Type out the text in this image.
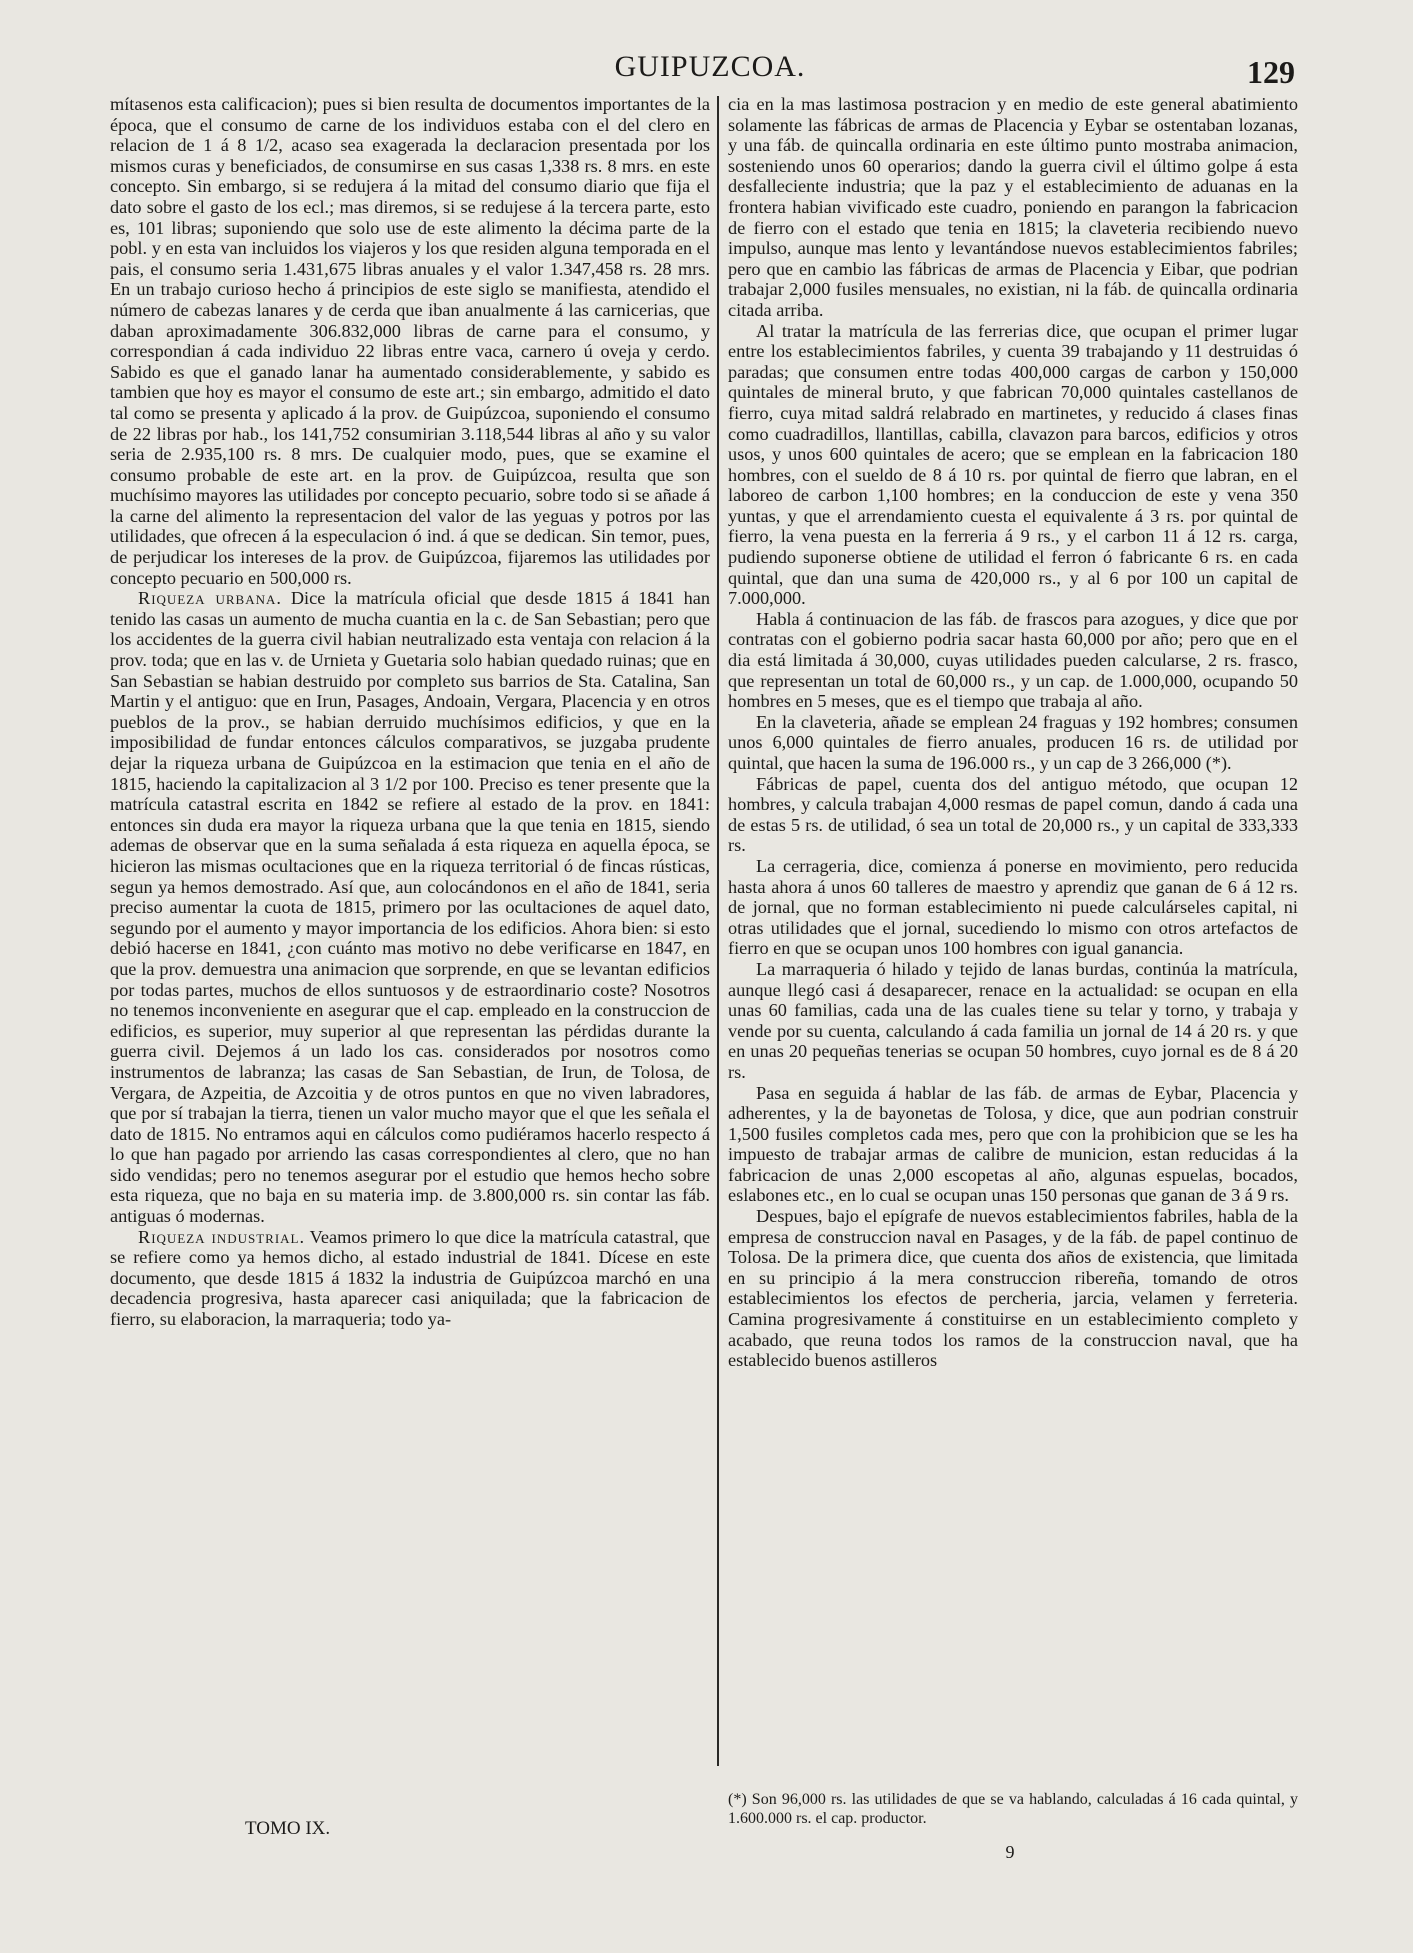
GUIPUZCOA.	129

mítasenos esta calificacion); pues si bien resulta de documentos importantes de la época, que el consumo de carne de los individuos estaba con el del clero en relacion de 1 á 8 1/2, acaso sea exagerada la declaracion presentada por los mismos curas y beneficiados, de consumirse en sus casas 1,338 rs. 8 mrs. en este concepto. Sin embargo, si se redujera á la mitad del consumo diario que fija el dato sobre el gasto de los ecl.; mas diremos, si se redujese á la tercera parte, esto es, 101 libras; suponiendo que solo use de este alimento la décima parte de la pobl. y en esta van incluidos los viajeros y los que residen alguna temporada en el pais, el consumo seria 1.431,675 libras anuales y el valor 1.347,458 rs. 28 mrs. En un trabajo curioso hecho á principios de este siglo se manifiesta, atendido el número de cabezas lanares y de cerda que iban anualmente á las carnicerias, que daban aproximadamente 306.832,000 libras de carne para el consumo, y correspondian á cada individuo 22 libras entre vaca, carnero ú oveja y cerdo. Sabido es que el ganado lanar ha aumentado considerablemente, y sabido es tambien que hoy es mayor el consumo de este art.; sin embargo, admitido el dato tal como se presenta y aplicado á la prov. de Guipúzcoa, suponiendo el consumo de 22 libras por hab., los 141,752 consumirian 3.118,544 libras al año y su valor seria de 2.935,100 rs. 8 mrs. De cualquier modo, pues, que se examine el consumo probable de este art. en la prov. de Guipúzcoa, resulta que son muchísimo mayores las utilidades por concepto pecuario, sobre todo si se añade á la carne del alimento la representacion del valor de las yeguas y potros por las utilidades, que ofrecen á la especulacion ó ind. á que se dedican. Sin temor, pues, de perjudicar los intereses de la prov. de Guipúzcoa, fijaremos las utilidades por concepto pecuario en 500,000 rs.

Riqueza urbana. Dice la matrícula oficial que desde 1815 á 1841 han tenido las casas un aumento de mucha cuantia en la c. de San Sebastian; pero que los accidentes de la guerra civil habian neutralizado esta ventaja con relacion á la prov. toda; que en las v. de Urnieta y Guetaria solo habian quedado ruinas; que en San Sebastian se habian destruido por completo sus barrios de Sta. Catalina, San Martin y el antiguo: que en Irun, Pasages, Andoain, Vergara, Placencia y en otros pueblos de la prov., se habian derruido muchísimos edificios, y que en la imposibilidad de fundar entonces cálculos comparativos, se juzgaba prudente dejar la riqueza urbana de Guipúzcoa en la estimacion que tenia en el año de 1815, haciendo la capitalizacion al 3 1/2 por 100. Preciso es tener presente que la matrícula catastral escrita en 1842 se refiere al estado de la prov. en 1841: entonces sin duda era mayor la riqueza urbana que la que tenia en 1815, siendo ademas de observar que en la suma señalada á esta riqueza en aquella época, se hicieron las mismas ocultaciones que en la riqueza territorial ó de fincas rústicas, segun ya hemos demostrado. Así que, aun colocándonos en el año de 1841, seria preciso aumentar la cuota de 1815, primero por las ocultaciones de aquel dato, segundo por el aumento y mayor importancia de los edificios. Ahora bien: si esto debió hacerse en 1841, ¿con cuánto mas motivo no debe verificarse en 1847, en que la prov. demuestra una animacion que sorprende, en que se levantan edificios por todas partes, muchos de ellos suntuosos y de estraordinario coste? Nosotros no tenemos inconveniente en asegurar que el cap. empleado en la construccion de edificios, es superior, muy superior al que representan las pérdidas durante la guerra civil. Dejemos á un lado los cas. considerados por nosotros como instrumentos de labranza; las casas de San Sebastian, de Irun, de Tolosa, de Vergara, de Azpeitia, de Azcoitia y de otros puntos en que no viven labradores, que por sí trabajan la tierra, tienen un valor mucho mayor que el que les señala el dato de 1815. No entramos aqui en cálculos como pudiéramos hacerlo respecto á lo que han pagado por arriendo las casas correspondientes al clero, que no han sido vendidas; pero no tenemos asegurar por el estudio que hemos hecho sobre esta riqueza, que no baja en su materia imp. de 3.800,000 rs. sin contar las fáb. antiguas ó modernas.

Riqueza industrial. Veamos primero lo que dice la matrícula catastral, que se refiere como ya hemos dicho, al estado industrial de 1841. Dícese en este documento, que desde 1815 á 1832 la industria de Guipúzcoa marchó en una decadencia progresiva, hasta aparecer casi aniquilada; que la fabricacion de fierro, su elaboracion, la marraqueria; todo ya-

cia en la mas lastimosa postracion y en medio de este general abatimiento solamente las fábricas de armas de Placencia y Eybar se ostentaban lozanas, y una fáb. de quincalla ordinaria en este último punto mostraba animacion, sosteniendo unos 60 operarios; dando la guerra civil el último golpe á esta desfalleciente industria; que la paz y el establecimiento de aduanas en la frontera habian vivificado este cuadro, poniendo en parangon la fabricacion de fierro con el estado que tenia en 1815; la claveteria recibiendo nuevo impulso, aunque mas lento y levantándose nuevos establecimientos fabriles; pero que en cambio las fábricas de armas de Placencia y Eibar, que podrian trabajar 2,000 fusiles mensuales, no existian, ni la fáb. de quincalla ordinaria citada arriba.

Al tratar la matrícula de las ferrerias dice, que ocupan el primer lugar entre los establecimientos fabriles, y cuenta 39 trabajando y 11 destruidas ó paradas; que consumen entre todas 400,000 cargas de carbon y 150,000 quintales de mineral bruto, y que fabrican 70,000 quintales castellanos de fierro, cuya mitad saldrá relabrado en martinetes, y reducido á clases finas como cuadradillos, llantillas, cabilla, clavazon para barcos, edificios y otros usos, y unos 600 quintales de acero; que se emplean en la fabricacion 180 hombres, con el sueldo de 8 á 10 rs. por quintal de fierro que labran, en el laboreo de carbon 1,100 hombres; en la conduccion de este y vena 350 yuntas, y que el arrendamiento cuesta el equivalente á 3 rs. por quintal de fierro, la vena puesta en la ferreria á 9 rs., y el carbon 11 á 12 rs. carga, pudiendo suponerse obtiene de utilidad el ferron ó fabricante 6 rs. en cada quintal, que dan una suma de 420,000 rs., y al 6 por 100 un capital de 7.000,000.

Habla á continuacion de las fáb. de frascos para azogues, y dice que por contratas con el gobierno podria sacar hasta 60,000 por año; pero que en el dia está limitada á 30,000, cuyas utilidades pueden calcularse, 2 rs. frasco, que representan un total de 60,000 rs., y un cap. de 1.000,000, ocupando 50 hombres en 5 meses, que es el tiempo que trabaja al año.

En la claveteria, añade se emplean 24 fraguas y 192 hombres; consumen unos 6,000 quintales de fierro anuales, producen 16 rs. de utilidad por quintal, que hacen la suma de 196.000 rs., y un cap de 3 266,000 (*).

Fábricas de papel, cuenta dos del antiguo método, que ocupan 12 hombres, y calcula trabajan 4,000 resmas de papel comun, dando á cada una de estas 5 rs. de utilidad, ó sea un total de 20,000 rs., y un capital de 333,333 rs.

La cerrageria, dice, comienza á ponerse en movimiento, pero reducida hasta ahora á unos 60 talleres de maestro y aprendiz que ganan de 6 á 12 rs. de jornal, que no forman establecimiento ni puede calculárseles capital, ni otras utilidades que el jornal, sucediendo lo mismo con otros artefactos de fierro en que se ocupan unos 100 hombres con igual ganancia.

La marraqueria ó hilado y tejido de lanas burdas, continúa la matrícula, aunque llegó casi á desaparecer, renace en la actualidad: se ocupan en ella unas 60 familias, cada una de las cuales tiene su telar y torno, y trabaja y vende por su cuenta, calculando á cada familia un jornal de 14 á 20 rs. y que en unas 20 pequeñas tenerias se ocupan 50 hombres, cuyo jornal es de 8 á 20 rs.

Pasa en seguida á hablar de las fáb. de armas de Eybar, Placencia y adherentes, y la de bayonetas de Tolosa, y dice, que aun podrian construir 1,500 fusiles completos cada mes, pero que con la prohibicion que se les ha impuesto de trabajar armas de calibre de municion, estan reducidas á la fabricacion de unas 2,000 escopetas al año, algunas espuelas, bocados, eslabones etc., en lo cual se ocupan unas 150 personas que ganan de 3 á 9 rs.

Despues, bajo el epígrafe de nuevos establecimientos fabriles, habla de la empresa de construccion naval en Pasages, y de la fáb. de papel continuo de Tolosa. De la primera dice, que cuenta dos años de existencia, que limitada en su principio á la mera construccion ribereña, tomando de otros establecimientos los efectos de percheria, jarcia, velamen y ferreteria. Camina progresivamente á constituirse en un establecimiento completo y acabado, que reuna todos los ramos de la construccion naval, que ha establecido buenos astilleros

(*) Son 96,000 rs. las utilidades de que se va hablando, calculadas á 16 cada quintal, y 1.600.000 rs. el cap. productor.
TOMO IX.
9
